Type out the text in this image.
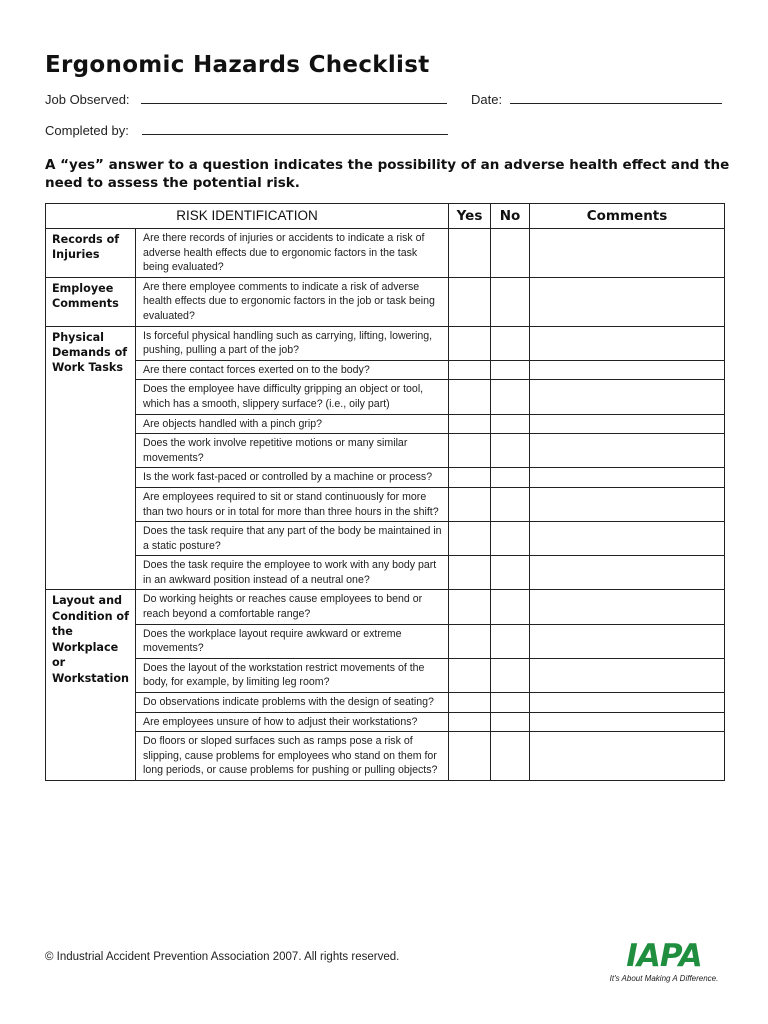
Ergonomic Hazards Checklist
Job Observed:	Date:
Completed by:
A “yes” answer to a question indicates the possibility of an adverse health effect and the need to assess the potential risk.
RISK IDENTIFICATION		Yes	No	Comments
Records of Injuries	Are there records of injuries or accidents to indicate a risk of adverse health effects due to ergonomic factors in the task being evaluated?			
Employee Comments	Are there employee comments to indicate a risk of adverse health effects due to ergonomic factors in the job or task being evaluated?			
Physical Demands of Work Tasks	Is forceful physical handling such as carrying, lifting, lowering, pushing, pulling a part of the job?			
	Are there contact forces exerted on to the body?			
	Does the employee have difficulty gripping an object or tool, which has a smooth, slippery surface? (i.e., oily part)			
	Are objects handled with a pinch grip?			
	Does the work involve repetitive motions or many similar movements?			
	Is the work fast-paced or controlled by a machine or process?			
	Are employees required to sit or stand continuously for more than two hours or in total for more than three hours in the shift?			
	Does the task require that any part of the body be maintained in a static posture?			
	Does the task require the employee to work with any body part in an awkward position instead of a neutral one?			
Layout and Condition of the Workplace or Workstation	Do working heights or reaches cause employees to bend or reach beyond a comfortable range?			
	Does the workplace layout require awkward or extreme movements?			
	Does the layout of the workstation restrict movements of the body, for example, by limiting leg room?			
	Do observations indicate problems with the design of seating?			
	Are employees unsure of how to adjust their workstations?			
	Do floors or sloped surfaces such as ramps pose a risk of slipping, cause problems for employees who stand on them for long periods, or cause problems for pushing or pulling objects?			
© Industrial Accident Prevention Association 2007. All rights reserved.	IAPA
It's About Making A Difference.
